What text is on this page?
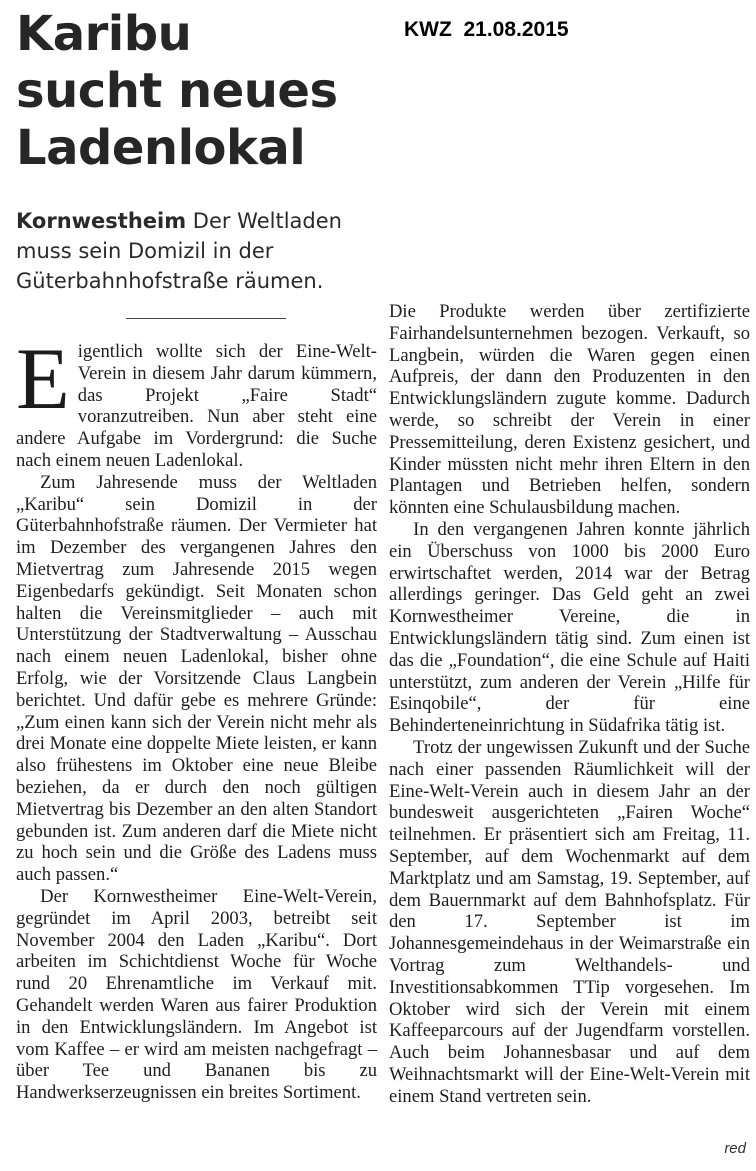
Karibu sucht neues Ladenlokal
KWZ  21.08.2015

Kornwestheim Der Weltladen muss sein Domizil in der Güterbahnhofstraße räumen.

Eigentlich wollte sich der Eine-Welt-Verein in diesem Jahr darum kümmern, das Projekt „Faire Stadt“ voranzutreiben. Nun aber steht eine andere Aufgabe im Vordergrund: die Suche nach einem neuen Ladenlokal.

Zum Jahresende muss der Weltladen „Karibu“ sein Domizil in der Güterbahnhofstraße räumen. Der Vermieter hat im Dezember des vergangenen Jahres den Mietvertrag zum Jahresende 2015 wegen Eigenbedarfs gekündigt. Seit Monaten schon halten die Vereinsmitglieder – auch mit Unterstützung der Stadtverwaltung – Ausschau nach einem neuen Ladenlokal, bisher ohne Erfolg, wie der Vorsitzende Claus Langbein berichtet. Und dafür gebe es mehrere Gründe: „Zum einen kann sich der Verein nicht mehr als drei Monate eine doppelte Miete leisten, er kann also frühestens im Oktober eine neue Bleibe beziehen, da er durch den noch gültigen Mietvertrag bis Dezember an den alten Standort gebunden ist. Zum anderen darf die Miete nicht zu hoch sein und die Größe des Ladens muss auch passen.“

Der Kornwestheimer Eine-Welt-Verein, gegründet im April 2003, betreibt seit November 2004 den Laden „Karibu“. Dort arbeiten im Schichtdienst Woche für Woche rund 20 Ehrenamtliche im Verkauf mit. Gehandelt werden Waren aus fairer Produktion in den Entwicklungsländern. Im Angebot ist vom Kaffee – er wird am meisten nachgefragt – über Tee und Bananen bis zu Handwerkserzeugnissen ein breites Sortiment.

Die Produkte werden über zertifizierte Fairhandelsunternehmen bezogen. Verkauft, so Langbein, würden die Waren gegen einen Aufpreis, der dann den Produzenten in den Entwicklungsländern zugute komme. Dadurch werde, so schreibt der Verein in einer Pressemitteilung, deren Existenz gesichert, und Kinder müssten nicht mehr ihren Eltern in den Plantagen und Betrieben helfen, sondern könnten eine Schulausbildung machen.

In den vergangenen Jahren konnte jährlich ein Überschuss von 1000 bis 2000 Euro erwirtschaftet werden, 2014 war der Betrag allerdings geringer. Das Geld geht an zwei Kornwestheimer Vereine, die in Entwicklungsländern tätig sind. Zum einen ist das die „Foundation“, die eine Schule auf Haiti unterstützt, zum anderen der Verein „Hilfe für Esinqobile“, der für eine Behinderteneinrichtung in Südafrika tätig ist.

Trotz der ungewissen Zukunft und der Suche nach einer passenden Räumlichkeit will der Eine-Welt-Verein auch in diesem Jahr an der bundesweit ausgerichteten „Fairen Woche“ teilnehmen. Er präsentiert sich am Freitag, 11. September, auf dem Wochenmarkt auf dem Marktplatz und am Samstag, 19. September, auf dem Bauernmarkt auf dem Bahnhofsplatz. Für den 17. September ist im Johannesgemeindehaus in der Weimarstraße ein Vortrag zum Welthandels- und Investitionsabkommen TTip vorgesehen. Im Oktober wird sich der Verein mit einem Kaffeeparcours auf der Jugendfarm vorstellen. Auch beim Johannesbasar und auf dem Weihnachtsmarkt will der Eine-Welt-Verein mit einem Stand vertreten sein.

red
